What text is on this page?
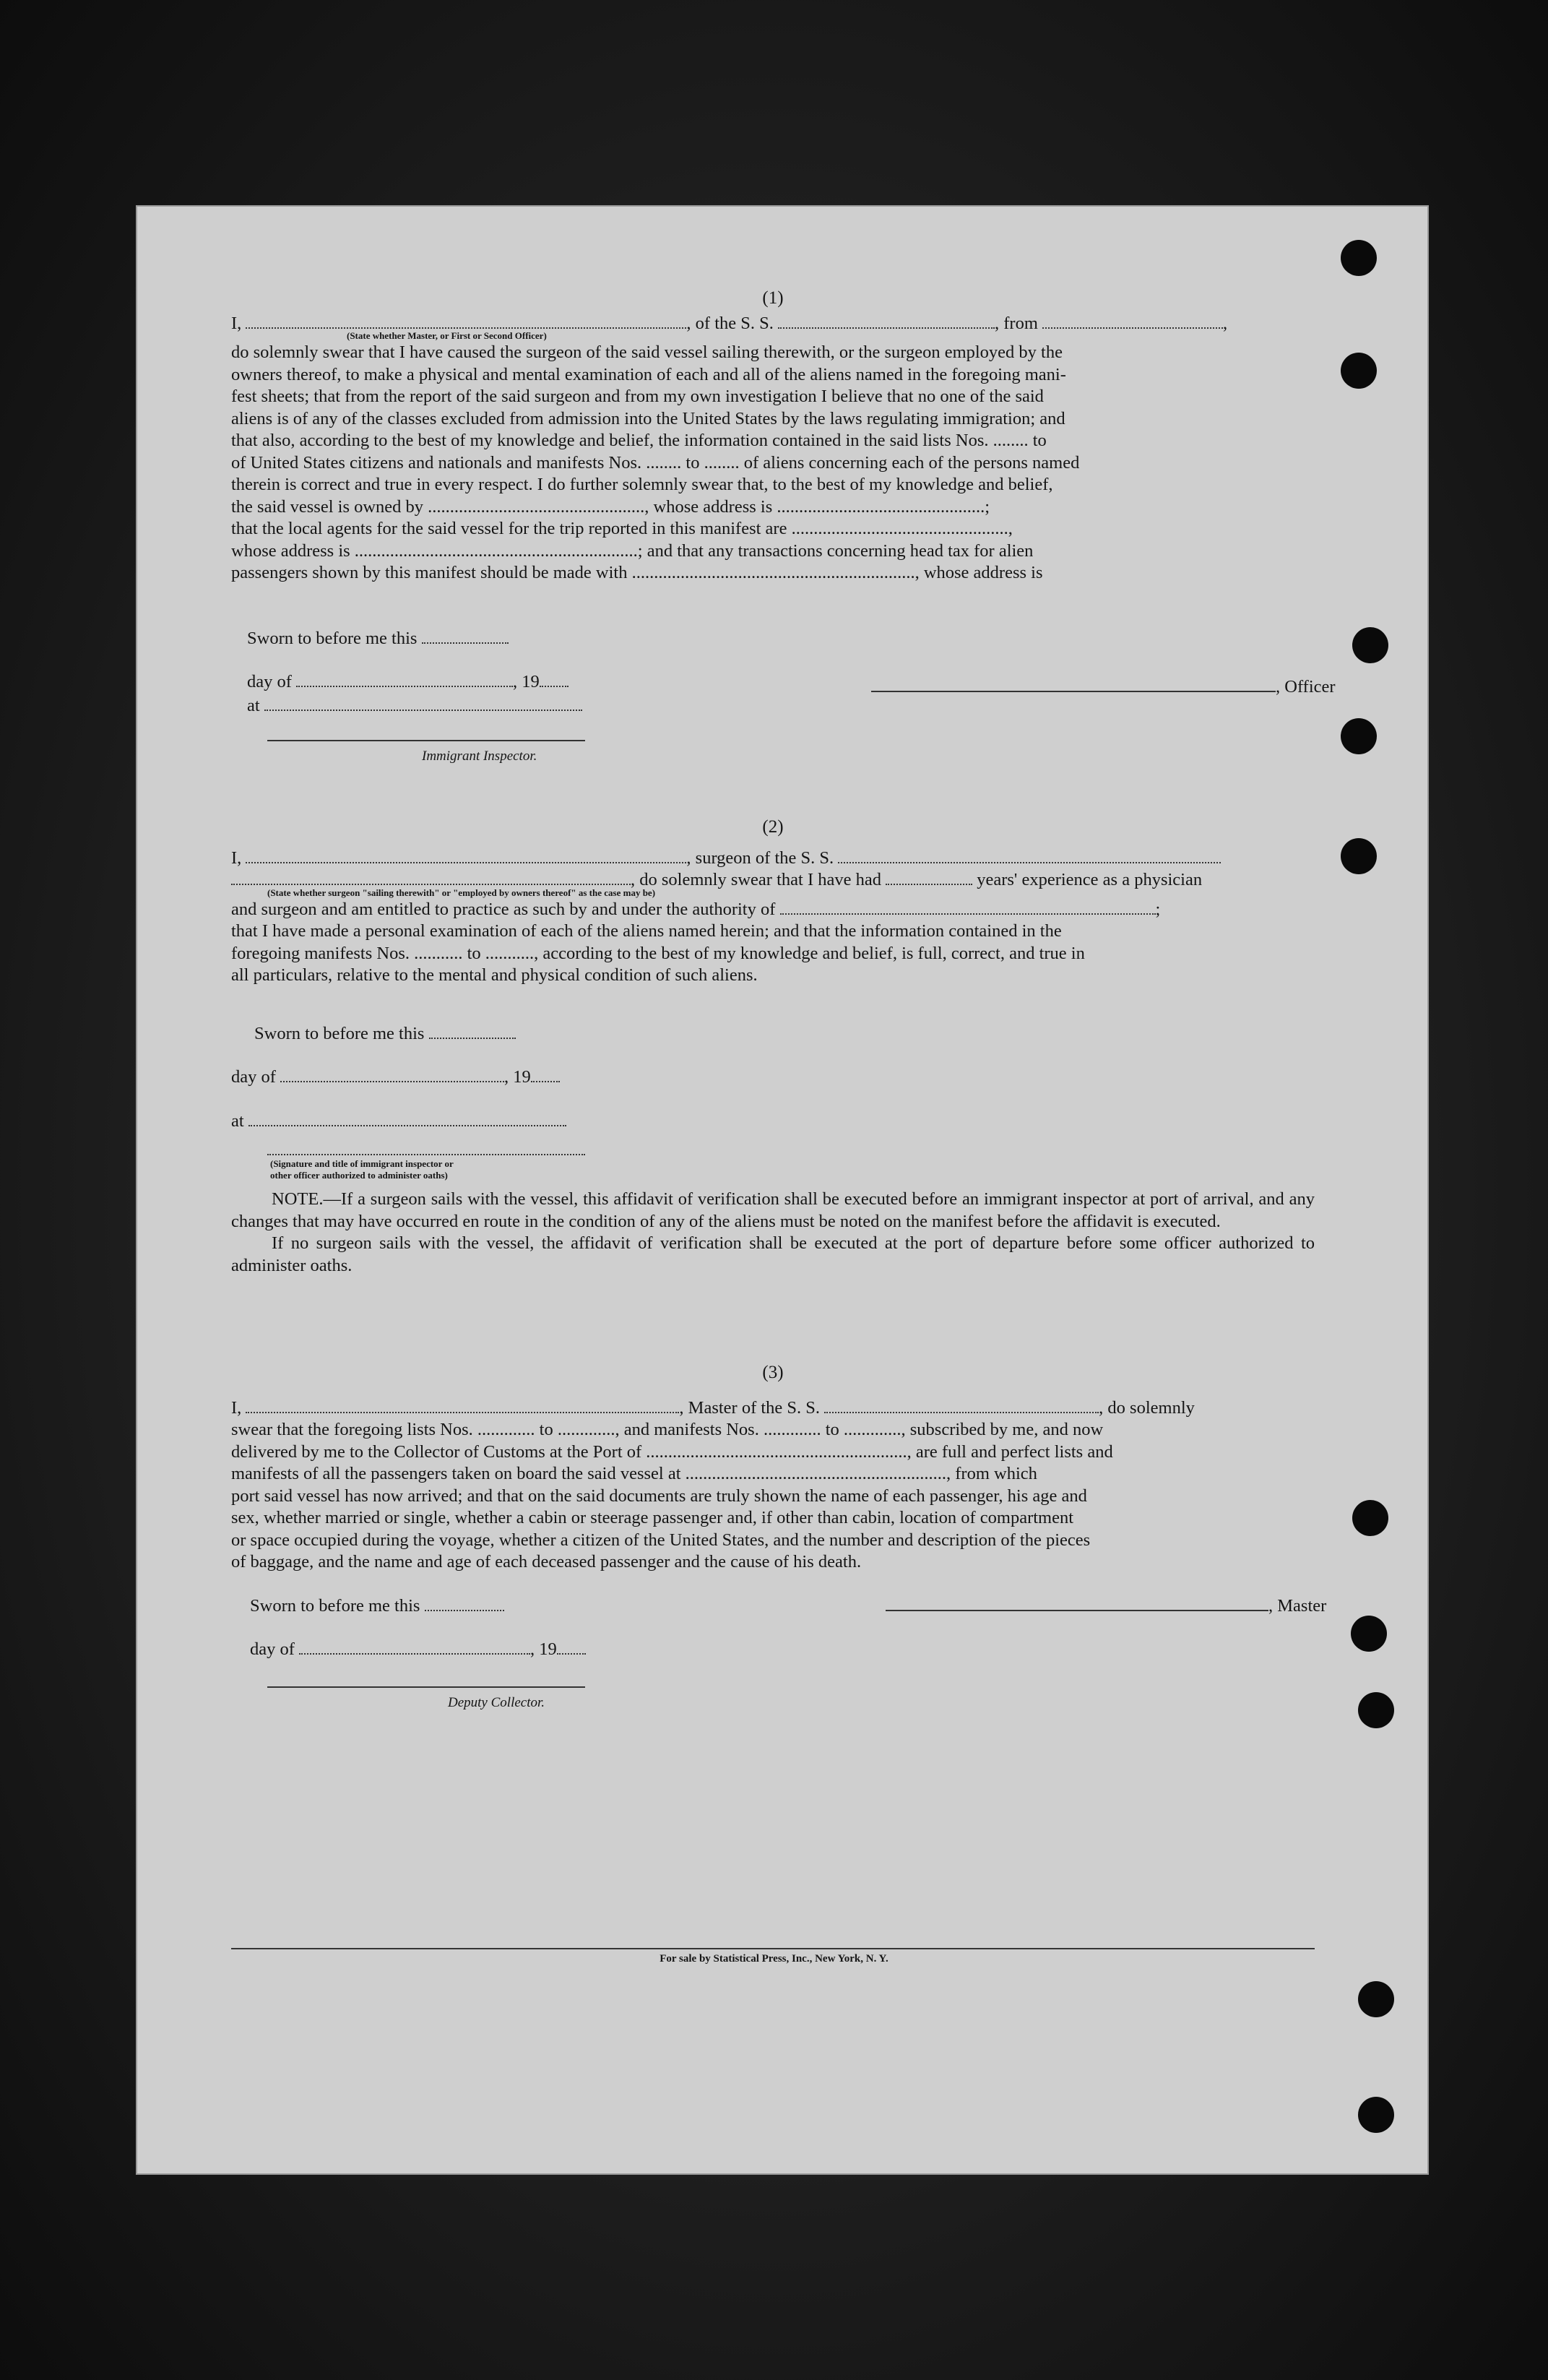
(1)
I,	, of the S. S.	, from	,
(State whether Master, or First or Second Officer)
do solemnly swear that I have caused the surgeon of the said vessel sailing therewith, or the surgeon employed by the
owners thereof, to make a physical and mental examination of each and all of the aliens named in the foregoing mani-
fest sheets; that from the report of the said surgeon and from my own investigation I believe that no one of the said
aliens is of any of the classes excluded from admission into the United States by the laws regulating immigration; and
that also, according to the best of my knowledge and belief, the information contained in the said lists Nos. ........ to
of United States citizens and nationals and manifests Nos. ........ to ........ of aliens concerning each of the persons named
therein is correct and true in every respect. I do further solemnly swear that, to the best of my knowledge and belief,
the said vessel is owned by ................................................., whose address is ...............................................;
that the local agents for the said vessel for the trip reported in this manifest are .................................................,
whose address is ................................................................; and that any transactions concerning head tax for alien
passengers shown by this manifest should be made with ................................................................, whose address is
Sworn to before me this
day of	, 19
at
, Officer
Immigrant Inspector.
(2)
I,	, surgeon of the S. S.
, do solemnly swear that I have had	years' experience as a physician
(State whether surgeon "sailing therewith" or "employed by owners thereof" as the case may be)
and surgeon and am entitled to practice as such by and under the authority of	;
that I have made a personal examination of each of the aliens named herein; and that the information contained in the
foregoing manifests Nos. ........... to ..........., according to the best of my knowledge and belief, is full, correct, and true in
all particulars, relative to the mental and physical condition of such aliens.
Sworn to before me this
day of	, 19
at
(Signature and title of immigrant inspector or
other officer authorized to administer oaths)
NOTE.—If a surgeon sails with the vessel, this affidavit of verification shall be executed before an immigrant inspector at port of arrival, and any changes that may have occurred en route in the condition of any of the aliens must be noted on the manifest before the affidavit is executed.
If no surgeon sails with the vessel, the affidavit of verification shall be executed at the port of departure before some officer authorized to administer oaths.
(3)
I,	, Master of the S. S.	, do solemnly
swear that the foregoing lists Nos. ............. to ............., and manifests Nos. ............. to ............., subscribed by me, and now
delivered by me to the Collector of Customs at the Port of ..........................................................., are full and perfect lists and
manifests of all the passengers taken on board the said vessel at ..........................................................., from which
port said vessel has now arrived; and that on the said documents are truly shown the name of each passenger, his age and
sex, whether married or single, whether a cabin or steerage passenger and, if other than cabin, location of compartment
or space occupied during the voyage, whether a citizen of the United States, and the number and description of the pieces
of baggage, and the name and age of each deceased passenger and the cause of his death.
Sworn to before me this	, Master
day of	, 19
Deputy Collector.
For sale by Statistical Press, Inc., New York, N. Y.
